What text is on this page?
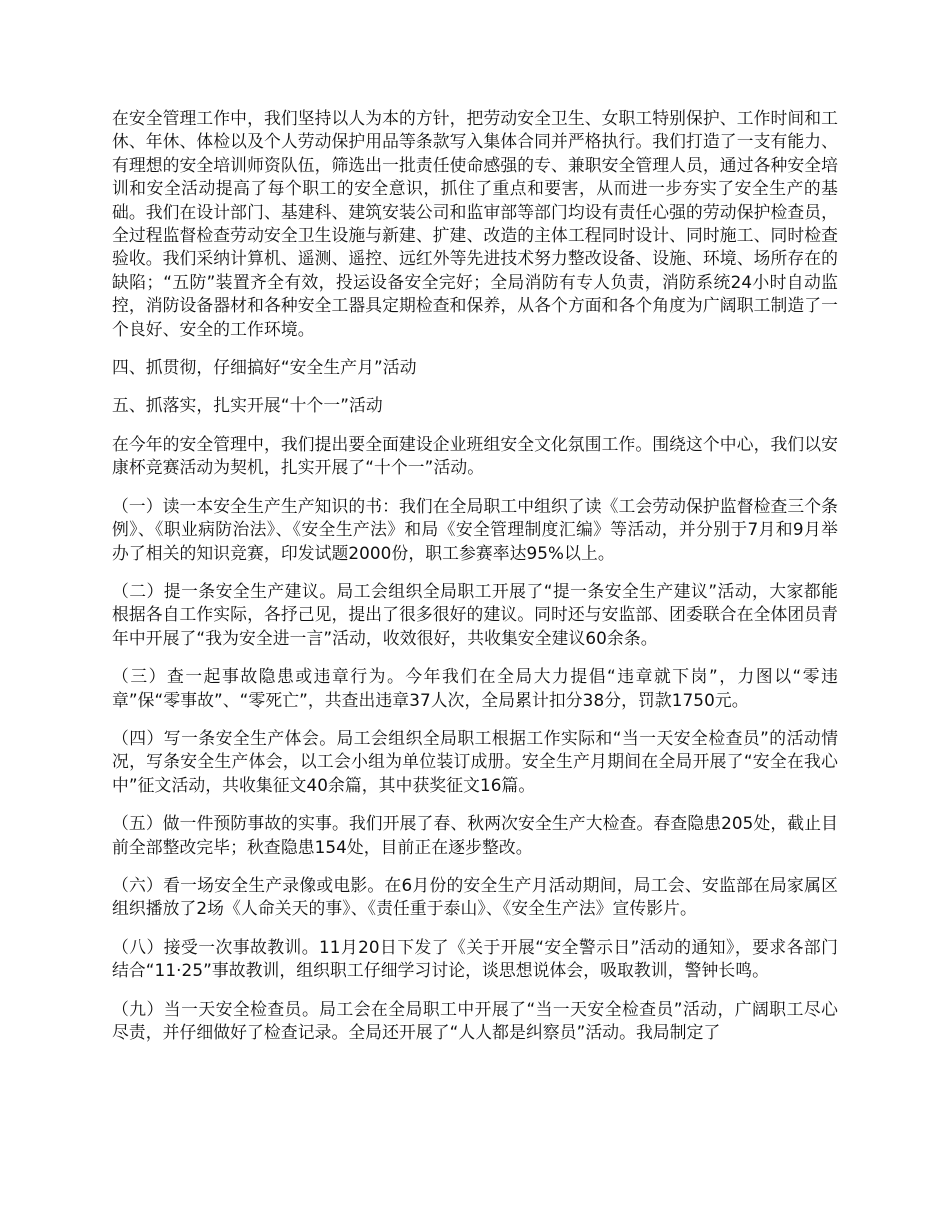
在安全管理工作中，我们坚持以人为本的方针，把劳动安全卫生、女职工特别保护、工作时间和工休、年休、体检以及个人劳动保护用品等条款写入集体合同并严格执行。我们打造了一支有能力、有理想的安全培训师资队伍，筛选出一批责任使命感强的专、兼职安全管理人员，通过各种安全培训和安全活动提高了每个职工的安全意识，抓住了重点和要害，从而进一步夯实了安全生产的基础。我们在设计部门、基建科、建筑安装公司和监审部等部门均设有责任心强的劳动保护检查员，全过程监督检查劳动安全卫生设施与新建、扩建、改造的主体工程同时设计、同时施工、同时检查验收。我们采纳计算机、遥测、遥控、远红外等先进技术努力整改设备、设施、环境、场所存在的缺陷；“五防”装置齐全有效，投运设备安全完好；全局消防有专人负责，消防系统24小时自动监控，消防设备器材和各种安全工器具定期检查和保养，从各个方面和各个角度为广阔职工制造了一个良好、安全的工作环境。

四、抓贯彻，仔细搞好“安全生产月”活动

五、抓落实，扎实开展“十个一”活动

在今年的安全管理中，我们提出要全面建设企业班组安全文化氛围工作。围绕这个中心，我们以安康杯竞赛活动为契机，扎实开展了“十个一”活动。

（一）读一本安全生产生产知识的书：我们在全局职工中组织了读《工会劳动保护监督检查三个条例》、《职业病防治法》、《安全生产法》和局《安全管理制度汇编》等活动，并分别于7月和9月举办了相关的知识竞赛，印发试题2000份，职工参赛率达95%以上。

（二）提一条安全生产建议。局工会组织全局职工开展了“提一条安全生产建议”活动，大家都能根据各自工作实际，各抒己见，提出了很多很好的建议。同时还与安监部、团委联合在全体团员青年中开展了“我为安全进一言”活动，收效很好，共收集安全建议60余条。

（三）查一起事故隐患或违章行为。今年我们在全局大力提倡“违章就下岗”，力图以“零违章”保“零事故”、“零死亡”，共查出违章37人次，全局累计扣分38分，罚款1750元。

（四）写一条安全生产体会。局工会组织全局职工根据工作实际和“当一天安全检查员”的活动情况，写条安全生产体会，以工会小组为单位装订成册。安全生产月期间在全局开展了“安全在我心中”征文活动，共收集征文40余篇，其中获奖征文16篇。

（五）做一件预防事故的实事。我们开展了春、秋两次安全生产大检查。春查隐患205处，截止目前全部整改完毕；秋查隐患154处，目前正在逐步整改。

（六）看一场安全生产录像或电影。在6月份的安全生产月活动期间，局工会、安监部在局家属区组织播放了2场《人命关天的事》、《责任重于泰山》、《安全生产法》宣传影片。

（八）接受一次事故教训。11月20日下发了《关于开展“安全警示日”活动的通知》，要求各部门结合“11·25”事故教训，组织职工仔细学习讨论，谈思想说体会，吸取教训，警钟长鸣。

（九）当一天安全检查员。局工会在全局职工中开展了“当一天安全检查员”活动，广阔职工尽心尽责，并仔细做好了检查记录。全局还开展了“人人都是纠察员”活动。我局制定了
